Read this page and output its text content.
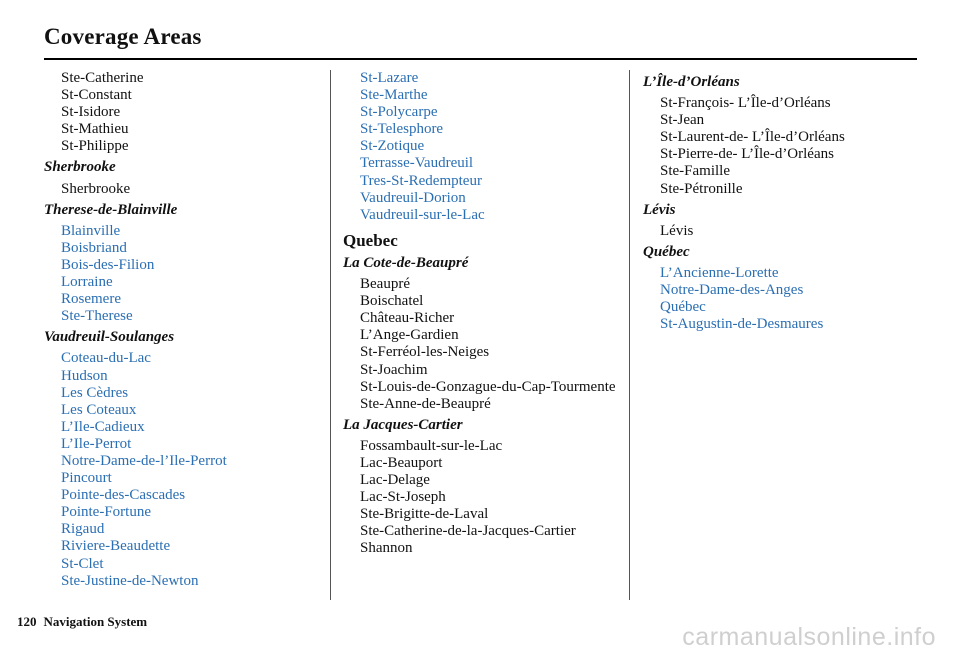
Coverage Areas
Ste-Catherine
St-Constant
St-Isidore
St-Mathieu
St-Philippe
Sherbrooke
Sherbrooke
Therese-de-Blainville
Blainville
Boisbriand
Bois-des-Filion
Lorraine
Rosemere
Ste-Therese
Vaudreuil-Soulanges
Coteau-du-Lac
Hudson
Les Cèdres
Les Coteaux
L’Ile-Cadieux
L’Ile-Perrot
Notre-Dame-de-l’Ile-Perrot
Pincourt
Pointe-des-Cascades
Pointe-Fortune
Rigaud
Riviere-Beaudette
St-Clet
Ste-Justine-de-Newton
St-Lazare
Ste-Marthe
St-Polycarpe
St-Telesphore
St-Zotique
Terrasse-Vaudreuil
Tres-St-Redempteur
Vaudreuil-Dorion
Vaudreuil-sur-le-Lac
Quebec
La Cote-de-Beaupré
Beaupré
Boischatel
Château-Richer
L’Ange-Gardien
St-Ferréol-les-Neiges
St-Joachim
St-Louis-de-Gonzague-du-Cap-Tourmente
Ste-Anne-de-Beaupré
La Jacques-Cartier
Fossambault-sur-le-Lac
Lac-Beauport
Lac-Delage
Lac-St-Joseph
Ste-Brigitte-de-Laval
Ste-Catherine-de-la-Jacques-Cartier
Shannon
L’Île-d’Orléans
St-François- L’Île-d’Orléans
St-Jean
St-Laurent-de- L’Île-d’Orléans
St-Pierre-de- L’Île-d’Orléans
Ste-Famille
Ste-Pétronille
Lévis
Lévis
Québec
L’Ancienne-Lorette
Notre-Dame-des-Anges
Québec
St-Augustin-de-Desmaures
120 Navigation System
carmanualsonline.info
